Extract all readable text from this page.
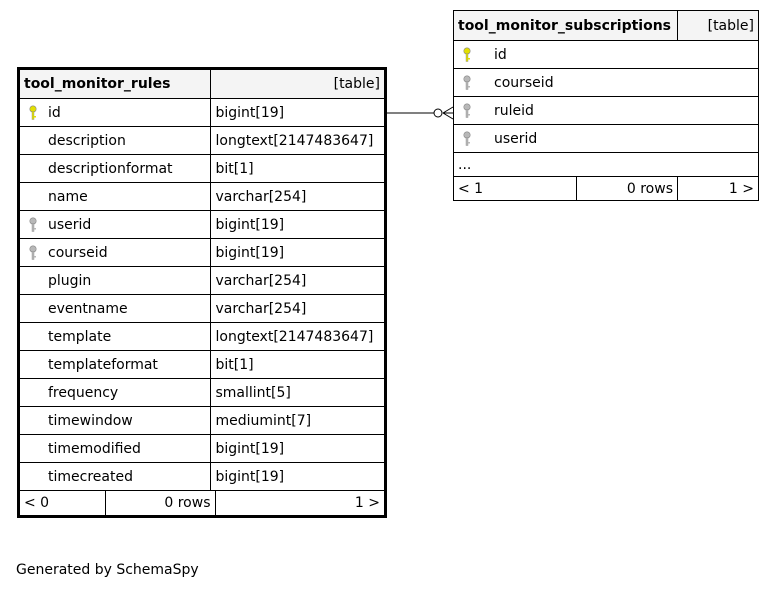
tool_monitor_rules	[table]

id	bigint[19]
description	longtext[2147483647]
descriptionformat	bit[1]
name	varchar[254]

userid	bigint[19]

courseid	bigint[19]
plugin	varchar[254]
eventname	varchar[254]
template	longtext[2147483647]
templateformat	bit[1]
frequency	smallint[5]
timewindow	mediumint[7]
timemodified	bigint[19]
timecreated	bigint[19]

< 0	0 rows	1 >
tool_monitor_subscriptions		[table]

id		

courseid		

ruleid		

userid		
...		
< 1	0 rows	1 >
Generated by SchemaSpy
